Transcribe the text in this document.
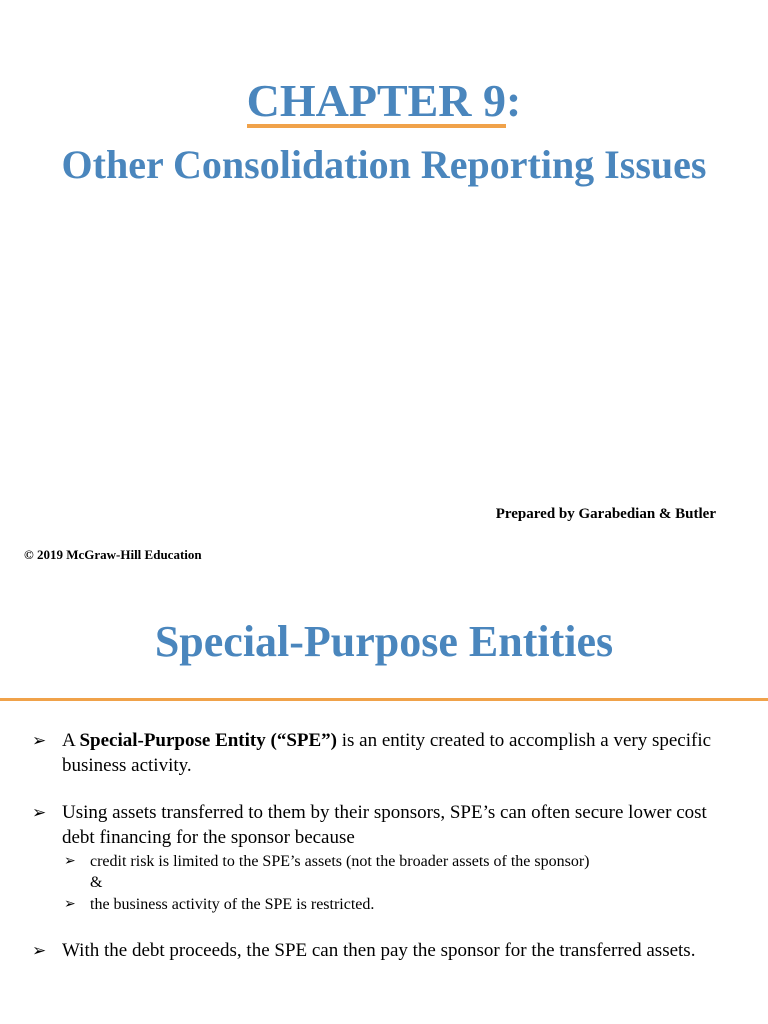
CHAPTER 9:
Other Consolidation Reporting Issues
Prepared by Garabedian & Butler
© 2019 McGraw-Hill Education
Special-Purpose Entities
➢ A Special-Purpose Entity (“SPE”) is an entity created to accomplish a very specific business activity.
➢ Using assets transferred to them by their sponsors, SPE’s can often secure lower cost debt financing for the sponsor because
➢ credit risk is limited to the SPE’s assets (not the broader assets of the sponsor)
&
➢ the business activity of the SPE is restricted.
➢ With the debt proceeds, the SPE can then pay the sponsor for the transferred assets.
